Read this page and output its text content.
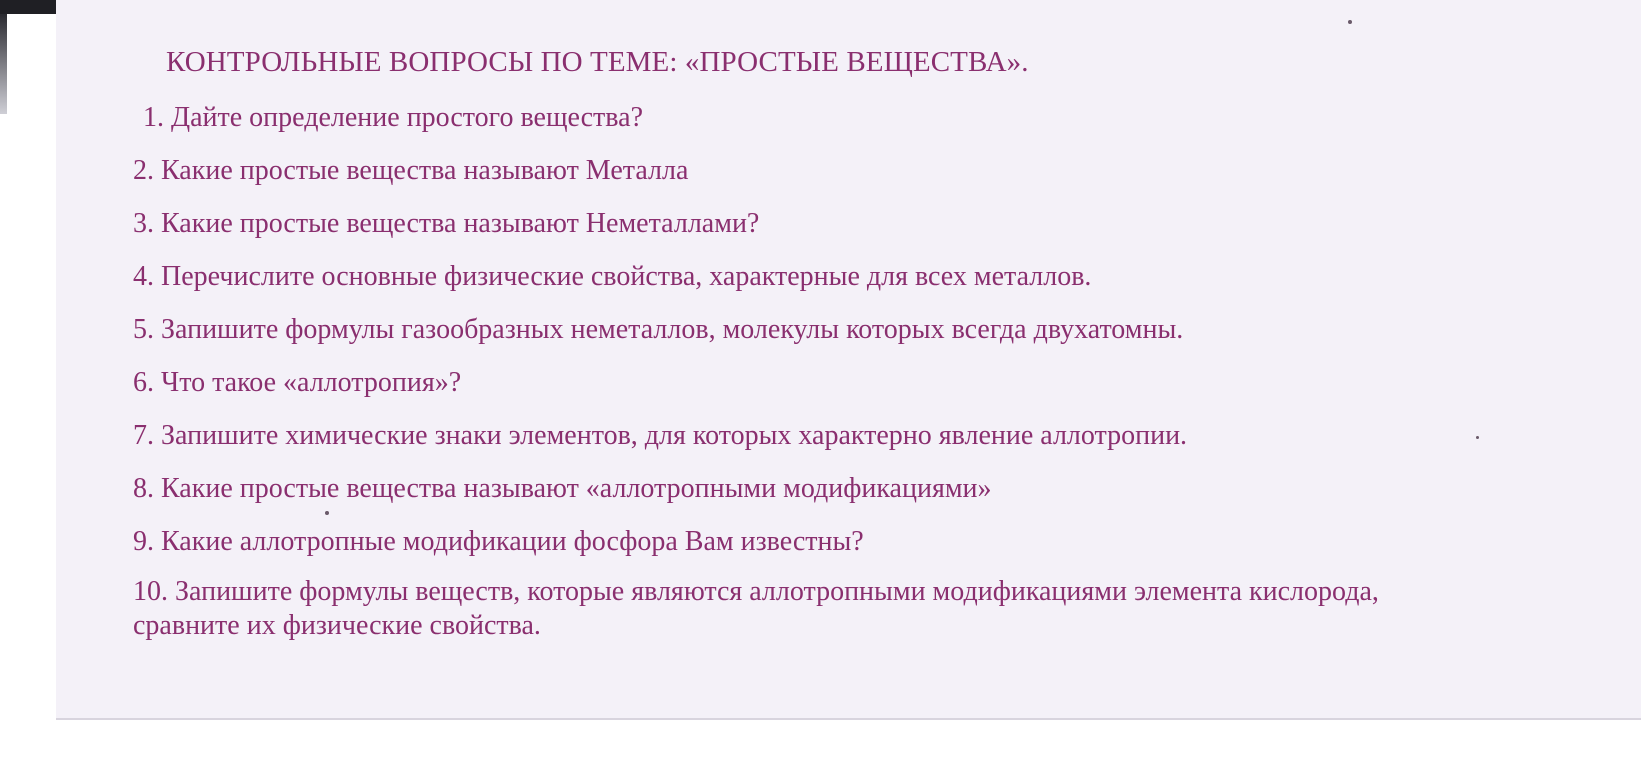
КОНТРОЛЬНЫЕ ВОПРОСЫ ПО ТЕМЕ: «ПРОСТЫЕ ВЕЩЕСТВА».
1. Дайте определение простого вещества?
2. Какие простые вещества называют Металла
3. Какие простые вещества называют Неметаллами?
4. Перечислите основные физические свойства, характерные для всех металлов.
5. Запишите формулы газообразных неметаллов, молекулы которых всегда двухатомны.
6. Что такое «аллотропия»?
7. Запишите химические знаки элементов, для которых характерно явление аллотропии.
8. Какие простые вещества называют «аллотропными модификациями»
9. Какие аллотропные модификации фосфора Вам известны?
10. Запишите формулы веществ, которые являются аллотропными модификациями элемента кислорода,
сравните их физические свойства.
